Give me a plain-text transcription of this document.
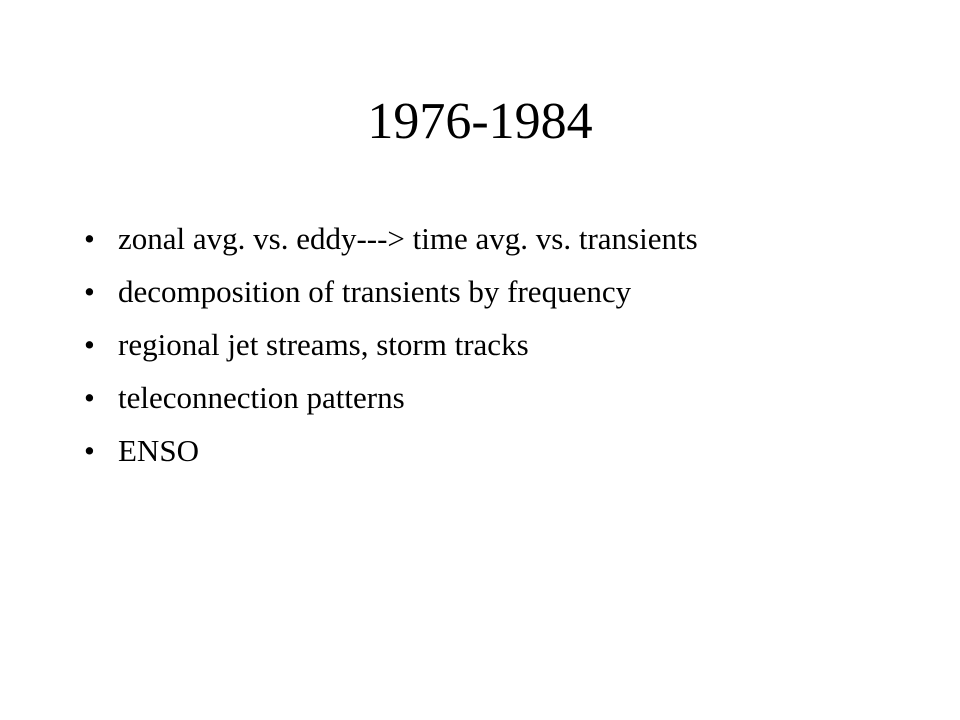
1976-1984
• zonal avg. vs. eddy---> time avg. vs. transients
• decomposition of transients by frequency
• regional jet streams, storm tracks
• teleconnection patterns
• ENSO
